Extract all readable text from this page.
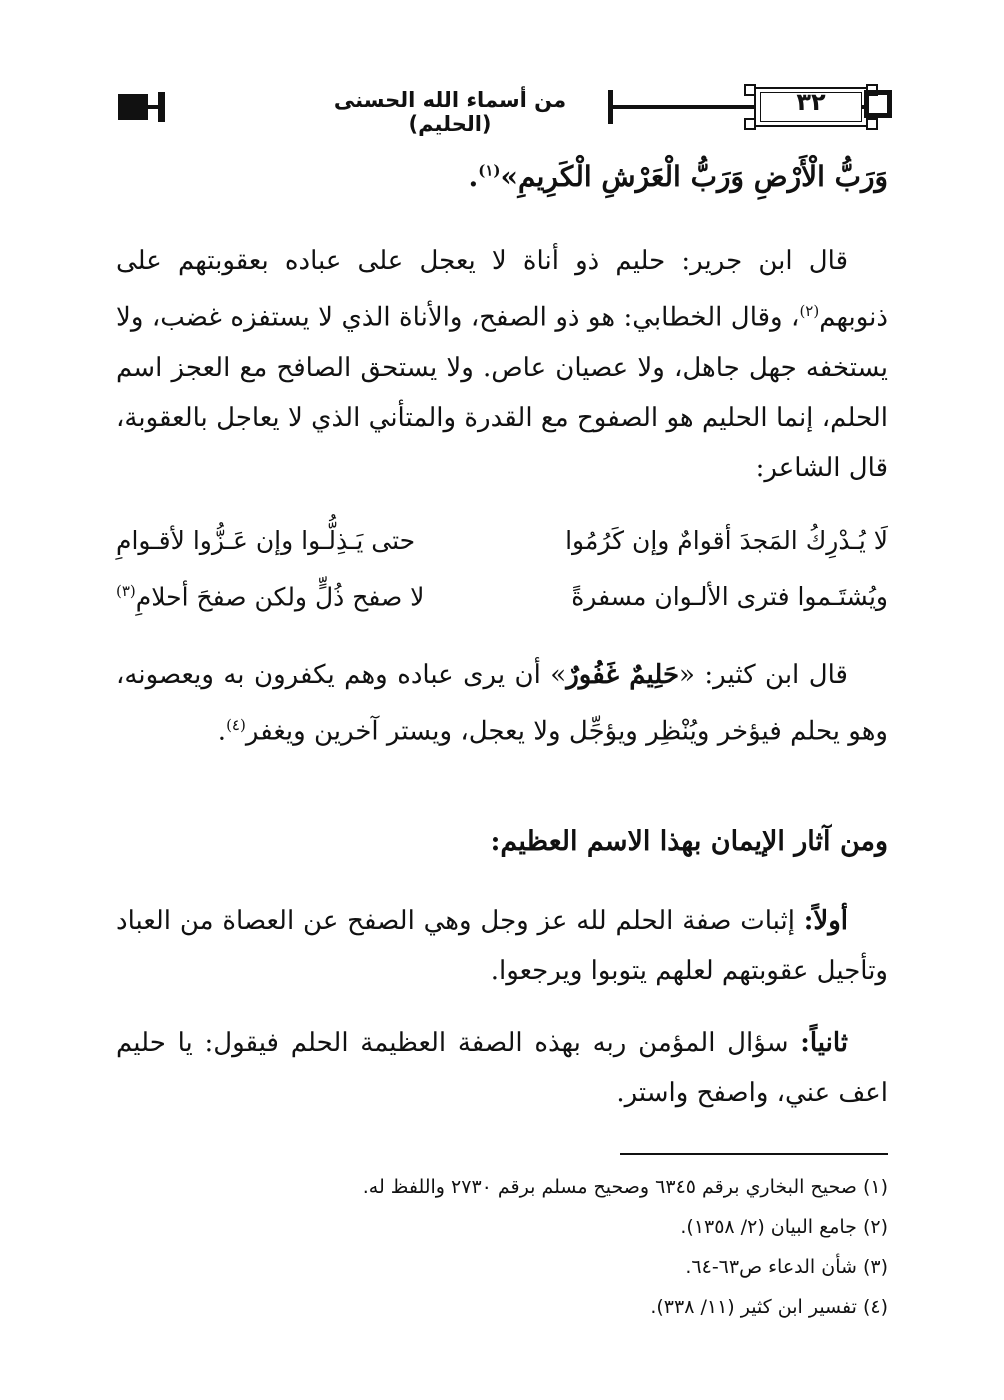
من أسماء الله الحسنى (الحليم)
٣٢
وَرَبُّ الْأَرْضِ وَرَبُّ الْعَرْشِ الْكَرِيمِ»$^{(١)}$.

قال ابن جرير: حليم ذو أناة لا يعجل على عباده بعقوبتهم على ذنوبهم$^{(٢)}$، وقال الخطابي: هو ذو الصفح، والأناة الذي لا يستفزه غضب، ولا يستخفه جهل جاهل، ولا عصيان عاص. ولا يستحق الصافح مع العجز اسم الحلم، إنما الحليم هو الصفوح مع القدرة والمتأني الذي لا يعاجل بالعقوبة، قال الشاعر:

لَا يُـدْرِكُ المَجدَ أقوامٌ وإن كَرُمُوا
حتى يَـذِلُّـوا وإن عَـزُّوا لأقـوامِ
ويُشتَـموا فترى الألـوان مسفرةً
لا صفح ذُلٍّ ولكن صفحَ أحلامِ$^{(٣)}$

قال ابن كثير: «حَلِيمٌ غَفُورٌ» أن يرى عباده وهم يكفرون به ويعصونه، وهو يحلم فيؤخر ويُنْظِر ويؤجِّل ولا يعجل، ويستر آخرين ويغفر$^{(٤)}$.

ومن آثار الإيمان بهذا الاسم العظيم:

أولاً: إثبات صفة الحلم لله عز وجل وهي الصفح عن العصاة من العباد وتأجيل عقوبتهم لعلهم يتوبوا ويرجعوا.

ثانياً: سؤال المؤمن ربه بهذه الصفة العظيمة الحلم فيقول: يا حليم اعف عني، واصفح واستر.

(١) صحيح البخاري برقم ٦٣٤٥ وصحيح مسلم برقم ٢٧٣٠ واللفظ له.
(٢) جامع البيان (٢/ ١٣٥٨).
(٣) شأن الدعاء ص٦٣-٦٤.
(٤) تفسير ابن كثير (١١/ ٣٣٨).
